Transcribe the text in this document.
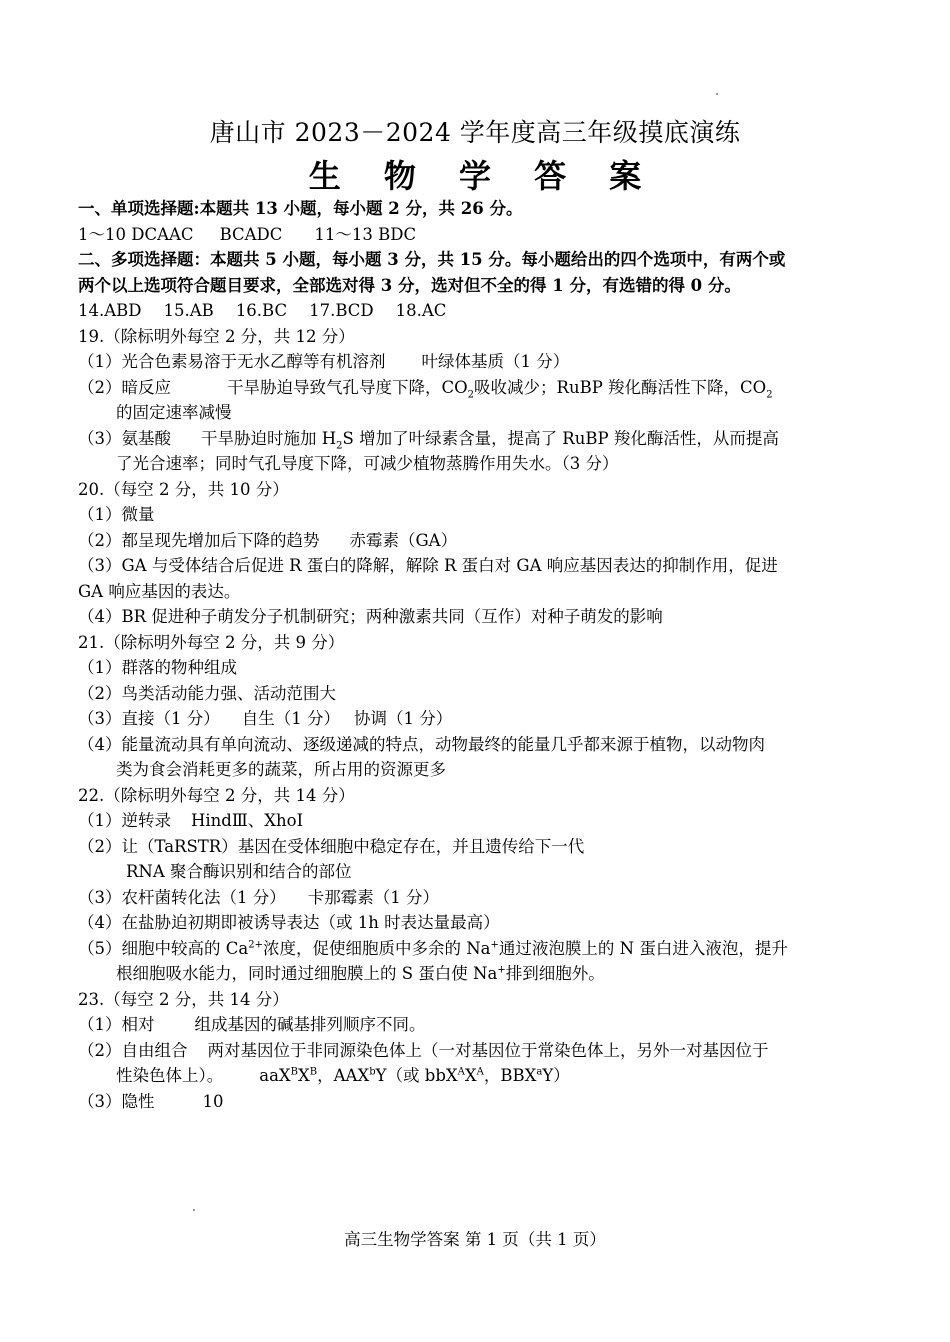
唐山市 2023－2024 学年度高三年级摸底演练
生 物 学 答 案

一、单项选择题:本题共 13 小题，每小题 2 分，共 26 分。

1～10 DCAAC BCADC 11～13 BDC

二、多项选择题：本题共 5 小题，每小题 3 分，共 15 分。每小题给出的四个选项中，有两个或

两个以上选项符合题目要求，全部选对得 3 分，选对但不全的得 1 分，有选错的得 0 分。

14.ABD 15.AB 16.BC 17.BCD 18.AC

19.（除标明外每空 2 分，共 12 分）

（1）光合色素易溶于无水乙醇等有机溶剂 叶绿体基质（1 分）

（2）暗反应	干旱胁迫导致气孔导度下降，$CO_2$吸收减少；RuBP 羧化酶活性下降，$CO_2$

的固定速率减慢

（3）氨基酸 干旱胁迫时施加 $H_2S$ 增加了叶绿素含量，提高了 RuBP 羧化酶活性，从而提高

了光合速率；同时气孔导度下降，可减少植物蒸腾作用失水。（3 分）

20.（每空 2 分，共 10 分）

（1）微量

（2）都呈现先增加后下降的趋势 赤霉素（GA）

（3）GA 与受体结合后促进 R 蛋白的降解，解除 R 蛋白对 GA 响应基因表达的抑制作用，促进

GA 响应基因的表达。

（4）BR 促进种子萌发分子机制研究；两种激素共同（互作）对种子萌发的影响

21.（除标明外每空 2 分，共 9 分）

（1）群落的物种组成

（2）鸟类活动能力强、活动范围大

（3）直接（1 分） 自生（1 分） 协调（1 分）

（4）能量流动具有单向流动、逐级递减的特点，动物最终的能量几乎都来源于植物，以动物肉

类为食会消耗更多的蔬菜，所占用的资源更多

22.（除标明外每空 2 分，共 14 分）

（1）逆转录 HindⅢ、XhoI

（2）让（TaRSTR）基因在受体细胞中稳定存在，并且遗传给下一代

RNA 聚合酶识别和结合的部位

（3）农杆菌转化法（1 分） 卡那霉素（1 分）

（4）在盐胁迫初期即被诱导表达（或 1h 时表达量最高）

（5）细胞中较高的 $Ca^{2+}$浓度，促使细胞质中多余的 Na+通过液泡膜上的 N 蛋白进入液泡，提升

根细胞吸水能力，同时通过细胞膜上的 S 蛋白使 Na+排到细胞外。

23.（每空 2 分，共 14 分）

（1）相对 组成基因的碱基排列顺序不同。

（2）自由组合 两对基因位于非同源染色体上（一对基因位于常染色体上，另外一对基因位于

性染色体上）。 $aaX^BX^B$，AAX$^b$Y（或 $bbX^AX^A$，BBX$^a$Y）

（3）隐性	10

高三生物学答案 第 1 页（共 1 页）
